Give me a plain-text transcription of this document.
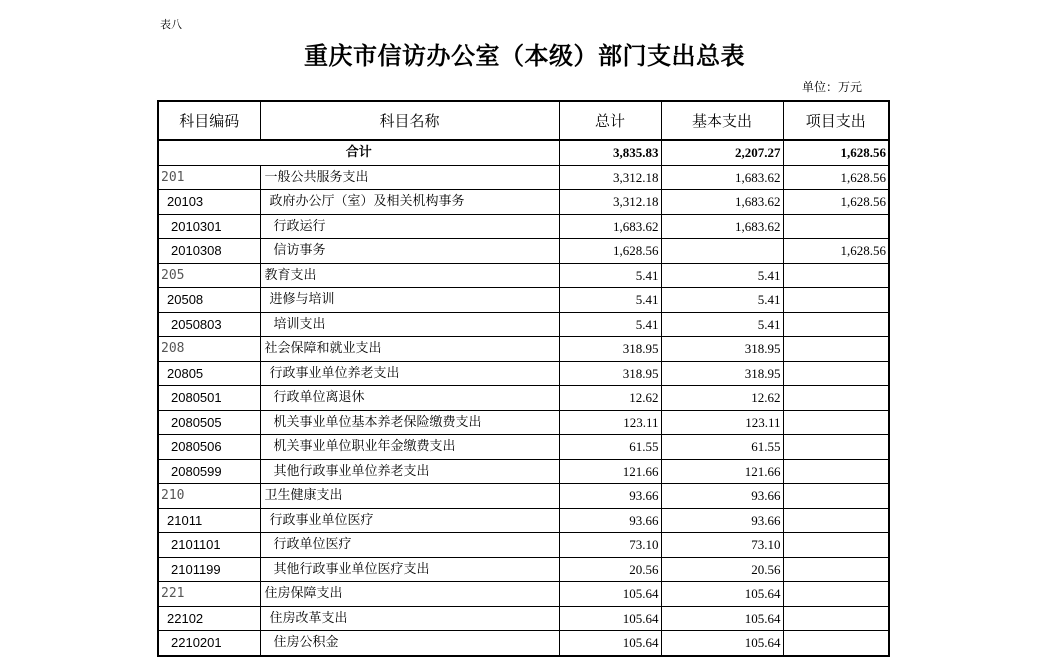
表八
重庆市信访办公室（本级）部门支出总表
单位：万元
科目编码	科目名称	总计	基本支出	项目支出
合计		3,835.83	2,207.27	1,628.56
201	一般公共服务支出	3,312.18	1,683.62	1,628.56
20103	政府办公厅（室）及相关机构事务	3,312.18	1,683.62	1,628.56
2010301	行政运行	1,683.62	1,683.62	
2010308	信访事务	1,628.56		1,628.56
205	教育支出	5.41	5.41	
20508	进修与培训	5.41	5.41	
2050803	培训支出	5.41	5.41	
208	社会保障和就业支出	318.95	318.95	
20805	行政事业单位养老支出	318.95	318.95	
2080501	行政单位离退休	12.62	12.62	
2080505	机关事业单位基本养老保险缴费支出	123.11	123.11	
2080506	机关事业单位职业年金缴费支出	61.55	61.55	
2080599	其他行政事业单位养老支出	121.66	121.66	
210	卫生健康支出	93.66	93.66	
21011	行政事业单位医疗	93.66	93.66	
2101101	行政单位医疗	73.10	73.10	
2101199	其他行政事业单位医疗支出	20.56	20.56	
221	住房保障支出	105.64	105.64	
22102	住房改革支出	105.64	105.64	
2210201	住房公积金	105.64	105.64	
